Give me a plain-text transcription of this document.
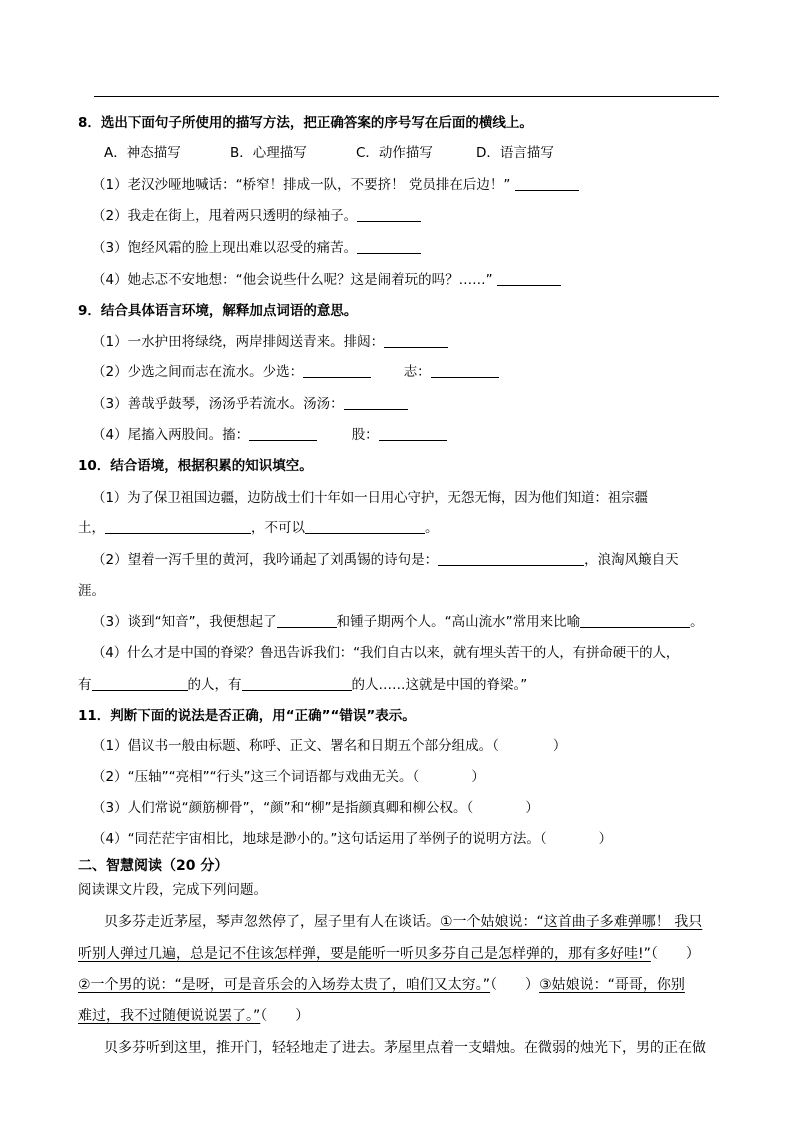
8．选出下面句子所使用的描写方法，把正确答案的序号写在后面的横线上。
A．神态描写	B．心理描写	C．动作描写	D．语言描写
（1）老汉沙哑地喊话：“桥窄！排成一队，不要挤！ 党员排在后边！”
（2）我走在街上，甩着两只透明的绿袖子。
（3）饱经风霜的脸上现出难以忍受的痛苦。
（4）她忐忑不安地想：“他会说些什么呢？这是闹着玩的吗？……”
9．结合具体语言环境，解释加点词语的意思。
（1）一水护田将绿绕，两岸排闼送青来。排闼：
（2）少选之间而志在流水。少选：	志：
（3）善哉乎鼓琴，汤汤乎若流水。汤汤：
（4）尾搐入两股间。搐：	股：
10．结合语境，根据积累的知识填空。
（1）为了保卫祖国边疆，边防战士们十年如一日用心守护，无怨无悔，因为他们知道：祖宗疆
土，	，不可以	。
（2）望着一泻千里的黄河，我吟诵起了刘禹锡的诗句是：	，浪淘风簸自天
涯。
（3）谈到“知音”，我便想起了	和锺子期两个人。“高山流水”常用来比喻	。
（4）什么才是中国的脊梁？鲁迅告诉我们：“我们自古以来，就有埋头苦干的人，有拼命硬干的人，
有	的人，有	的人……这就是中国的脊梁。”
11．判断下面的说法是否正确，用“正确”“错误”表示。
（1）倡议书一般由标题、称呼、正文、署名和日期五个部分组成。（	）
（2）“压轴”“亮相”“行头”这三个词语都与戏曲无关。（	）
（3）人们常说“颜筋柳骨”，“颜”和“柳”是指颜真卿和柳公权。（	）
（4）“同茫茫宇宙相比，地球是渺小的。”这句话运用了举例子的说明方法。（	）
二、智慧阅读（20 分）
阅读课文片段，完成下列问题。
贝多芬走近茅屋，琴声忽然停了，屋子里有人在谈话。①一个姑娘说：“这首曲子多难弹哪！ 我只
听别人弹过几遍，总是记不住该怎样弹，要是能听一听贝多芬自己是怎样弹的，那有多好哇!”（　　）
②一个男的说：“是呀，可是音乐会的入场券太贵了，咱们又太穷。”（　　）③姑娘说：“哥哥，你别
难过，我不过随便说说罢了。”（　　）
贝多芬听到这里，推开门，轻轻地走了进去。茅屋里点着一支蜡烛。在微弱的烛光下，男的正在做
